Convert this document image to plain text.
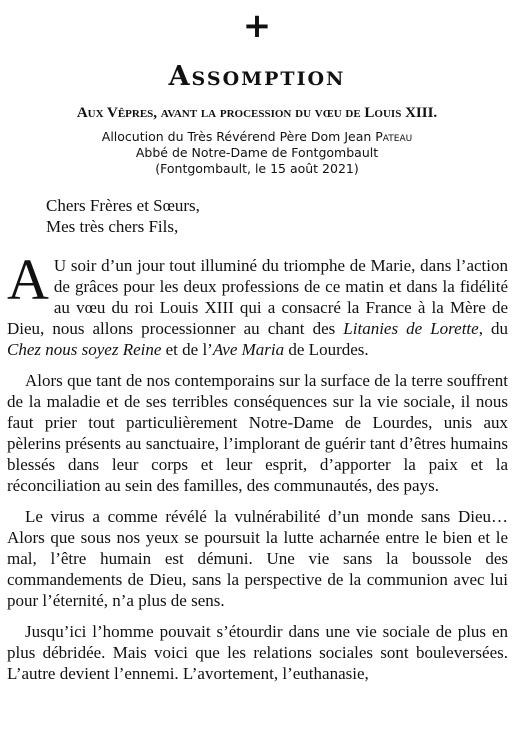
+
Assomption
Aux Vêpres, avant la procession du vœu de Louis XIII.
Allocution du Très Révérend Père Dom Jean Pateau
Abbé de Notre-Dame de Fontgombault
(Fontgombault, le 15 août 2021)
Chers Frères et Sœurs,
Mes très chers Fils,

A U soir d’un jour tout illuminé du triomphe de Marie, dans l’action de grâces pour les deux professions de ce matin et dans la fidélité au vœu du roi Louis XIII qui a consacré la France à la Mère de Dieu, nous allons processionner au chant des Litanies de Lorette, du Chez nous soyez Reine et de l’Ave Maria de Lourdes.

Alors que tant de nos contemporains sur la surface de la terre souffrent de la maladie et de ses terribles conséquences sur la vie sociale, il nous faut prier tout particulièrement Notre-Dame de Lourdes, unis aux pèlerins présents au sanctuaire, l’implorant de guérir tant d’êtres humains blessés dans leur corps et leur esprit, d’apporter la paix et la réconciliation au sein des familles, des communautés, des pays.

Le virus a comme révélé la vulnérabilité d’un monde sans Dieu… Alors que sous nos yeux se poursuit la lutte acharnée entre le bien et le mal, l’être humain est démuni. Une vie sans la boussole des commandements de Dieu, sans la perspective de la communion avec lui pour l’éternité, n’a plus de sens.

Jusqu’ici l’homme pouvait s’étourdir dans une vie sociale de plus en plus débridée. Mais voici que les relations sociales sont bouleversées. L’autre devient l’ennemi. L’avortement, l’euthanasie,
